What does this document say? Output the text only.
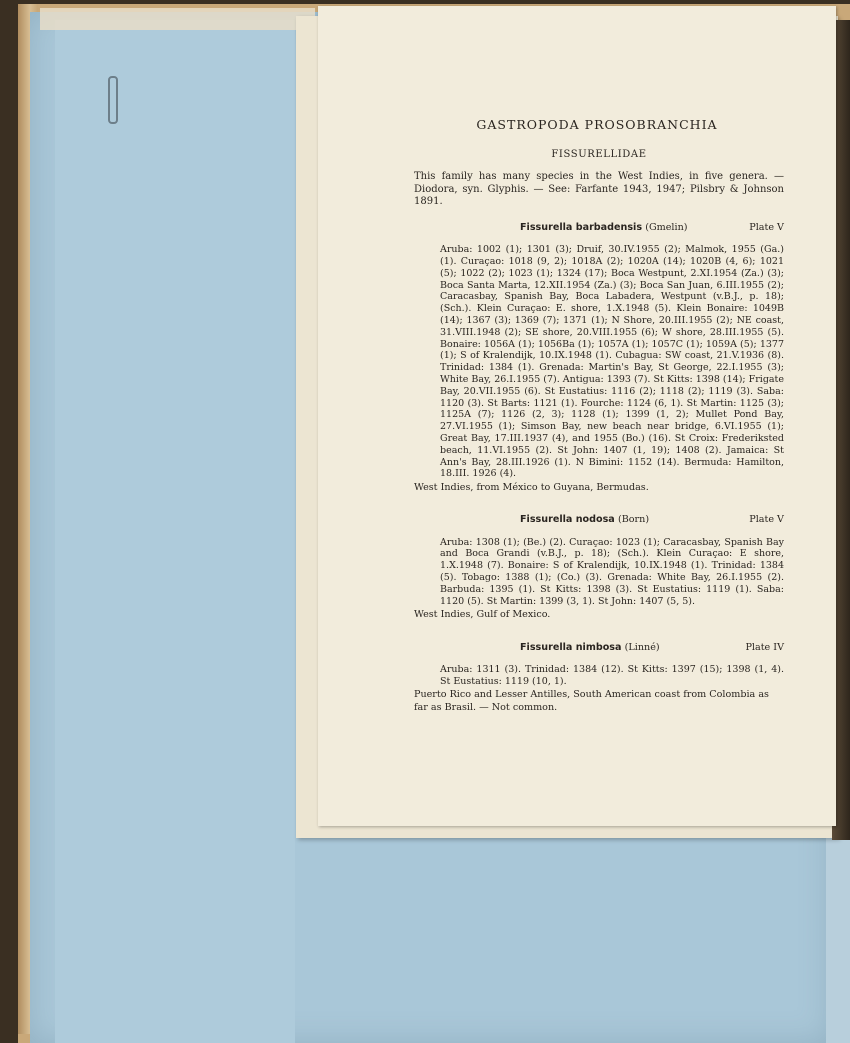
GASTROPODA PROSOBRANCHIA
FISSURELLIDAE

This family has many species in the West Indies, in five genera. — Diodora, syn. Glyphis. — See: Farfante 1943, 1947; Pilsbry & Johnson 1891.

Fissurella barbadensis (Gmelin)	Plate V

Aruba: 1002 (1); 1301 (3); Druif, 30.IV.1955 (2); Malmok, 1955 (Ga.) (1). Curaçao: 1018 (9, 2); 1018A (2); 1020A (14); 1020B (4, 6); 1021 (5); 1022 (2); 1023 (1); 1324 (17); Boca Westpunt, 2.XI.1954 (Za.) (3); Boca Santa Marta, 12.XII.1954 (Za.) (3); Boca San Juan, 6.III.1955 (2); Caracasbay, Spanish Bay, Boca Labadera, Westpunt (v.B.J., p. 18); (Sch.). Klein Curaçao: E. shore, 1.X.1948 (5). Klein Bonaire: 1049B (14); 1367 (3); 1369 (7); 1371 (1); N Shore, 20.III.1955 (2); NE coast, 31.VIII.1948 (2); SE shore, 20.VIII.1955 (6); W shore, 28.III.1955 (5). Bonaire: 1056A (1); 1056Ba (1); 1057A (1); 1057C (1); 1059A (5); 1377 (1); S of Kralendijk, 10.IX.1948 (1). Cubagua: SW coast, 21.V.1936 (8). Trinidad: 1384 (1). Grenada: Martin's Bay, St George, 22.I.1955 (3); White Bay, 26.I.1955 (7). Antigua: 1393 (7). St Kitts: 1398 (14); Frigate Bay, 20.VII.1955 (6). St Eustatius: 1116 (2); 1118 (2); 1119 (3). Saba: 1120 (3). St Barts: 1121 (1). Fourche: 1124 (6, 1). St Martin: 1125 (3); 1125A (7); 1126 (2, 3); 1128 (1); 1399 (1, 2); Mullet Pond Bay, 27.VI.1955 (1); Simson Bay, new beach near bridge, 6.VI.1955 (1); Great Bay, 17.III.1937 (4), and 1955 (Bo.) (16). St Croix: Frederiksted beach, 11.VI.1955 (2). St John: 1407 (1, 19); 1408 (2). Jamaica: St Ann's Bay, 28.III.1926 (1). N Bimini: 1152 (14). Bermuda: Hamilton, 18.III. 1926 (4).

West Indies, from México to Guyana, Bermudas.

Fissurella nodosa (Born)	Plate V

Aruba: 1308 (1); (Be.) (2). Curaçao: 1023 (1); Caracasbay, Spanish Bay and Boca Grandi (v.B.J., p. 18); (Sch.). Klein Curaçao: E shore, 1.X.1948 (7). Bonaire: S of Kralendijk, 10.IX.1948 (1). Trinidad: 1384 (5). Tobago: 1388 (1); (Co.) (3). Grenada: White Bay, 26.I.1955 (2). Barbuda: 1395 (1). St Kitts: 1398 (3). St Eustatius: 1119 (1). Saba: 1120 (5). St Martin: 1399 (3, 1). St John: 1407 (5, 5).

West Indies, Gulf of Mexico.

Fissurella nimbosa (Linné)	Plate IV

Aruba: 1311 (3). Trinidad: 1384 (12). St Kitts: 1397 (15); 1398 (1, 4). St Eustatius: 1119 (10, 1).

Puerto Rico and Lesser Antilles, South American coast from Colombia as far as Brasil. — Not common.
